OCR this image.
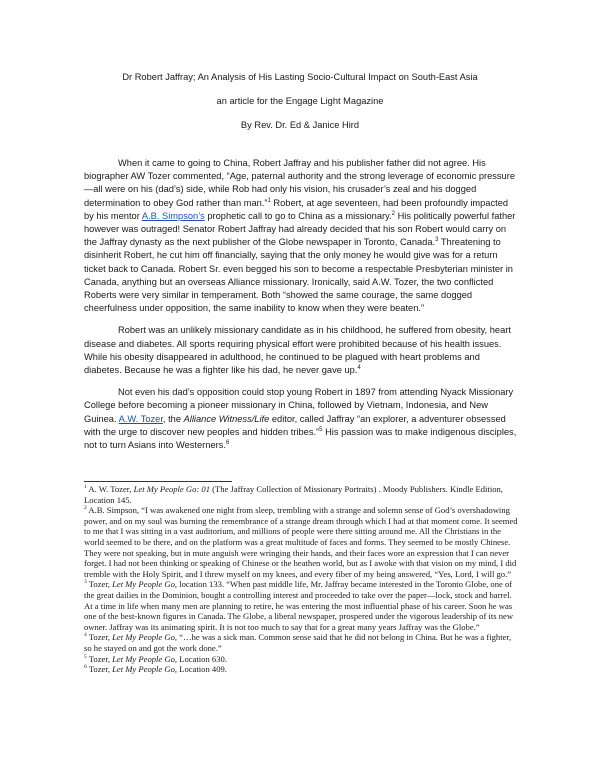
Dr Robert Jaffray; An Analysis of His Lasting Socio-Cultural Impact on South-East Asia
an article for the Engage Light Magazine
By Rev. Dr. Ed & Janice Hird

When it came to going to China, Robert Jaffray and his publisher father did not agree. His biographer AW Tozer commented, “Age, paternal authority and the strong leverage of economic pressure—all were on his (dad’s) side, while Rob had only his vision, his crusader’s zeal and his dogged determination to obey God rather than man.”$^1$ Robert, at age seventeen, had been profoundly impacted by his mentor A.B. Simpson’s prophetic call to go to China as a missionary.$^2$ His politically powerful father however was outraged! Senator Robert Jaffray had already decided that his son Robert would carry on the Jaffray dynasty as the next publisher of the Globe newspaper in Toronto, Canada.$^3$ Threatening to disinherit Robert, he cut him off financially, saying that the only money he would give was for a return ticket back to Canada. Robert Sr. even begged his son to become a respectable Presbyterian minister in Canada, anything but an overseas Alliance missionary. Ironically, said A.W. Tozer, the two conflicted Roberts were very similar in temperament. Both “showed the same courage, the same dogged cheerfulness under opposition, the same inability to know when they were beaten.”

Robert was an unlikely missionary candidate as in his childhood, he suffered from obesity, heart disease and diabetes. All sports requiring physical effort were prohibited because of his health issues. While his obesity disappeared in adulthood, he continued to be plagued with heart problems and diabetes. Because he was a fighter like his dad, he never gave up.$^4$

Not even his dad’s opposition could stop young Robert in 1897 from attending Nyack Missionary College before becoming a pioneer missionary in China, followed by Vietnam, Indonesia, and New Guinea. A.W. Tozer, the Alliance Witness/Life editor, called Jaffray “an explorer, a adventurer obsessed with the urge to discover new peoples and hidden tribes.”$^5$ His passion was to make indigenous disciples, not to turn Asians into Westerners.$^6$

$^1$ A. W. Tozer, Let My People Go: 01 (The Jaffray Collection of Missionary Portraits) . Moody Publishers. Kindle Edition, Location 145.
$^2$ A.B. Simpson, “I was awakened one night from sleep, trembling with a strange and solemn sense of God’s overshadowing power, and on my soul was burning the remembrance of a strange dream through which I had at that moment come. It seemed to me that I was sitting in a vast auditorium, and millions of people were there sitting around me. All the Christians in the world seemed to be there, and on the platform was a great multitude of faces and forms. They seemed to be mostly Chinese. They were not speaking, but in mute anguish were wringing their hands, and their faces wore an expression that I can never forget. I had not been thinking or speaking of Chinese or the heathen world, but as I awoke with that vision on my mind, I did tremble with the Holy Spirit, and I threw myself on my knees, and every fiber of my being answered, “Yes, Lord, I will go.”
$^3$ Tozer, Let My People Go, location 133. “When past middle life, Mr. Jaffray became interested in the Toronto Globe, one of the great dailies in the Dominion, bought a controlling interest and proceeded to take over the paper—lock, stock and barrel. At a time in life when many men are planning to retire, he was entering the most influential phase of his career. Soon he was one of the best-known figures in Canada. The Globe, a liberal newspaper, prospered under the vigorous leadership of its new owner. Jaffray was its animating spirit. It is not too much to say that for a great many years Jaffray was the Globe.”
$^4$ Tozer, Let My People Go, “…he was a sick man. Common sense said that he did not belong in China. But he was a fighter, so he stayed on and got the work done.”
$^5$ Tozer, Let My People Go, Location 630.
$^6$ Tozer, Let My People Go, Location 409.
